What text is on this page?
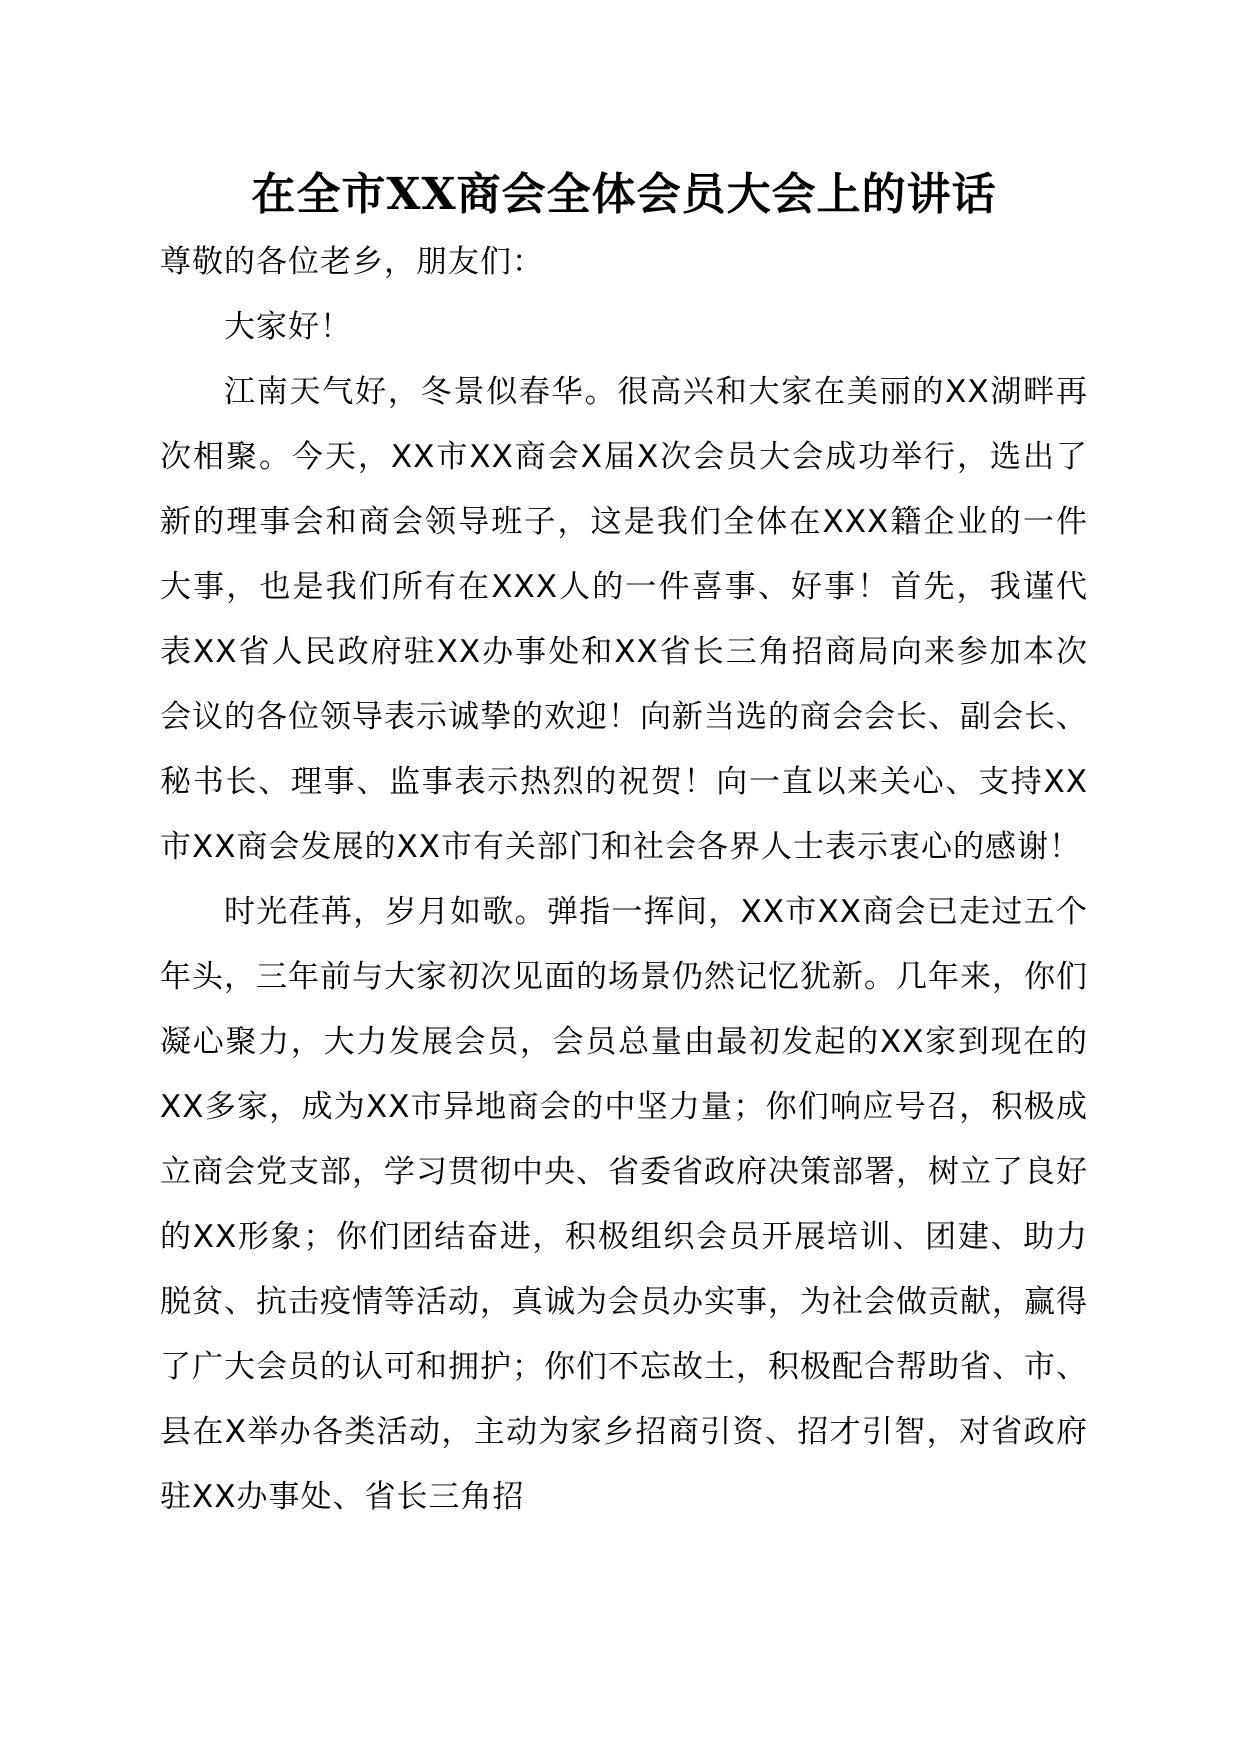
在全市XX商会全体会员大会上的讲话

尊敬的各位老乡，朋友们：

大家好！

江南天气好，冬景似春华。很高兴和大家在美丽的XX湖畔再次相聚。今天，XX市XX商会X届X次会员大会成功举行，选出了新的理事会和商会领导班子，这是我们全体在XXX籍企业的一件大事，也是我们所有在XXX人的一件喜事、好事！首先，我谨代表XX省人民政府驻XX办事处和XX省长三角招商局向来参加本次会议的各位领导表示诚挚的欢迎！向新当选的商会会长、副会长、秘书长、理事、监事表示热烈的祝贺！向一直以来关心、支持XX市XX商会发展的XX市有关部门和社会各界人士表示衷心的感谢！

时光荏苒，岁月如歌。弹指一挥间，XX市XX商会已走过五个年头，三年前与大家初次见面的场景仍然记忆犹新。几年来，你们凝心聚力，大力发展会员，会员总量由最初发起的XX家到现在的XX多家，成为XX市异地商会的中坚力量；你们响应号召，积极成立商会党支部，学习贯彻中央、省委省政府决策部署，树立了良好的XX形象；你们团结奋进，积极组织会员开展培训、团建、助力脱贫、抗击疫情等活动，真诚为会员办实事，为社会做贡献，赢得了广大会员的认可和拥护；你们不忘故土，积极配合帮助省、市、县在X举办各类活动，主动为家乡招商引资、招才引智，对省政府驻XX办事处、省长三角招
